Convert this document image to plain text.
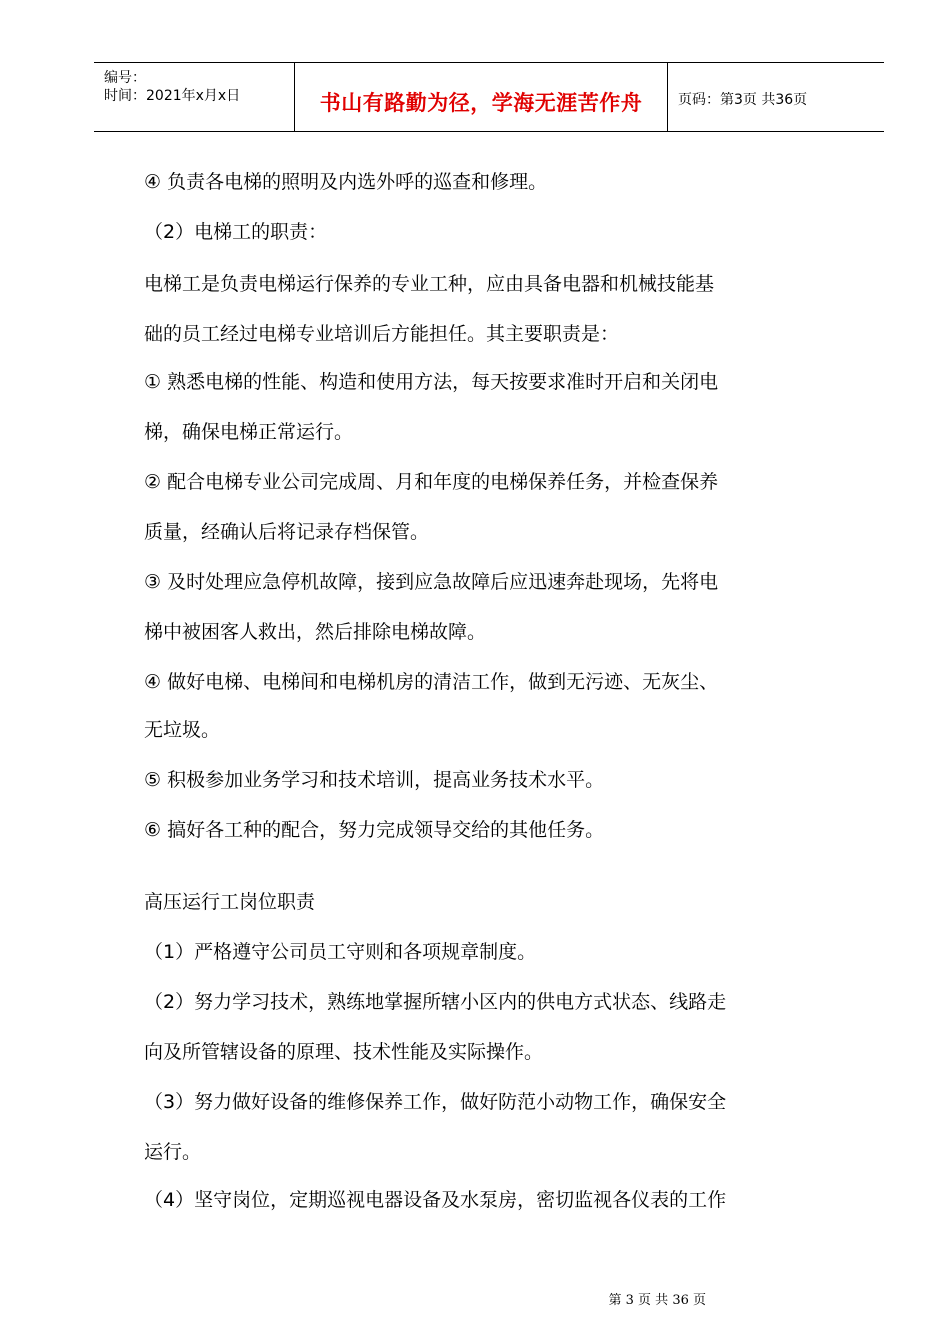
编号：
时间：2021年x月x日	书山有路勤为径，学海无涯苦作舟	页码：第3页 共36页
④ 负责各电梯的照明及内选外呼的巡查和修理。
（2）电梯工的职责：
电梯工是负责电梯运行保养的专业工种，应由具备电器和机械技能基
础的员工经过电梯专业培训后方能担任。其主要职责是：
① 熟悉电梯的性能、构造和使用方法，每天按要求准时开启和关闭电
梯，确保电梯正常运行。
② 配合电梯专业公司完成周、月和年度的电梯保养任务，并检查保养
质量，经确认后将记录存档保管。
③ 及时处理应急停机故障，接到应急故障后应迅速奔赴现场，先将电
梯中被困客人救出，然后排除电梯故障。
④ 做好电梯、电梯间和电梯机房的清洁工作，做到无污迹、无灰尘、
无垃圾。
⑤ 积极参加业务学习和技术培训，提高业务技术水平。
⑥ 搞好各工种的配合，努力完成领导交给的其他任务。
高压运行工岗位职责
（1）严格遵守公司员工守则和各项规章制度。
（2）努力学习技术，熟练地掌握所辖小区内的供电方式状态、线路走
向及所管辖设备的原理、技术性能及实际操作。
（3）努力做好设备的维修保养工作，做好防范小动物工作，确保安全
运行。
（4）坚守岗位，定期巡视电器设备及水泵房，密切监视各仪表的工作
第 3 页 共 36 页
